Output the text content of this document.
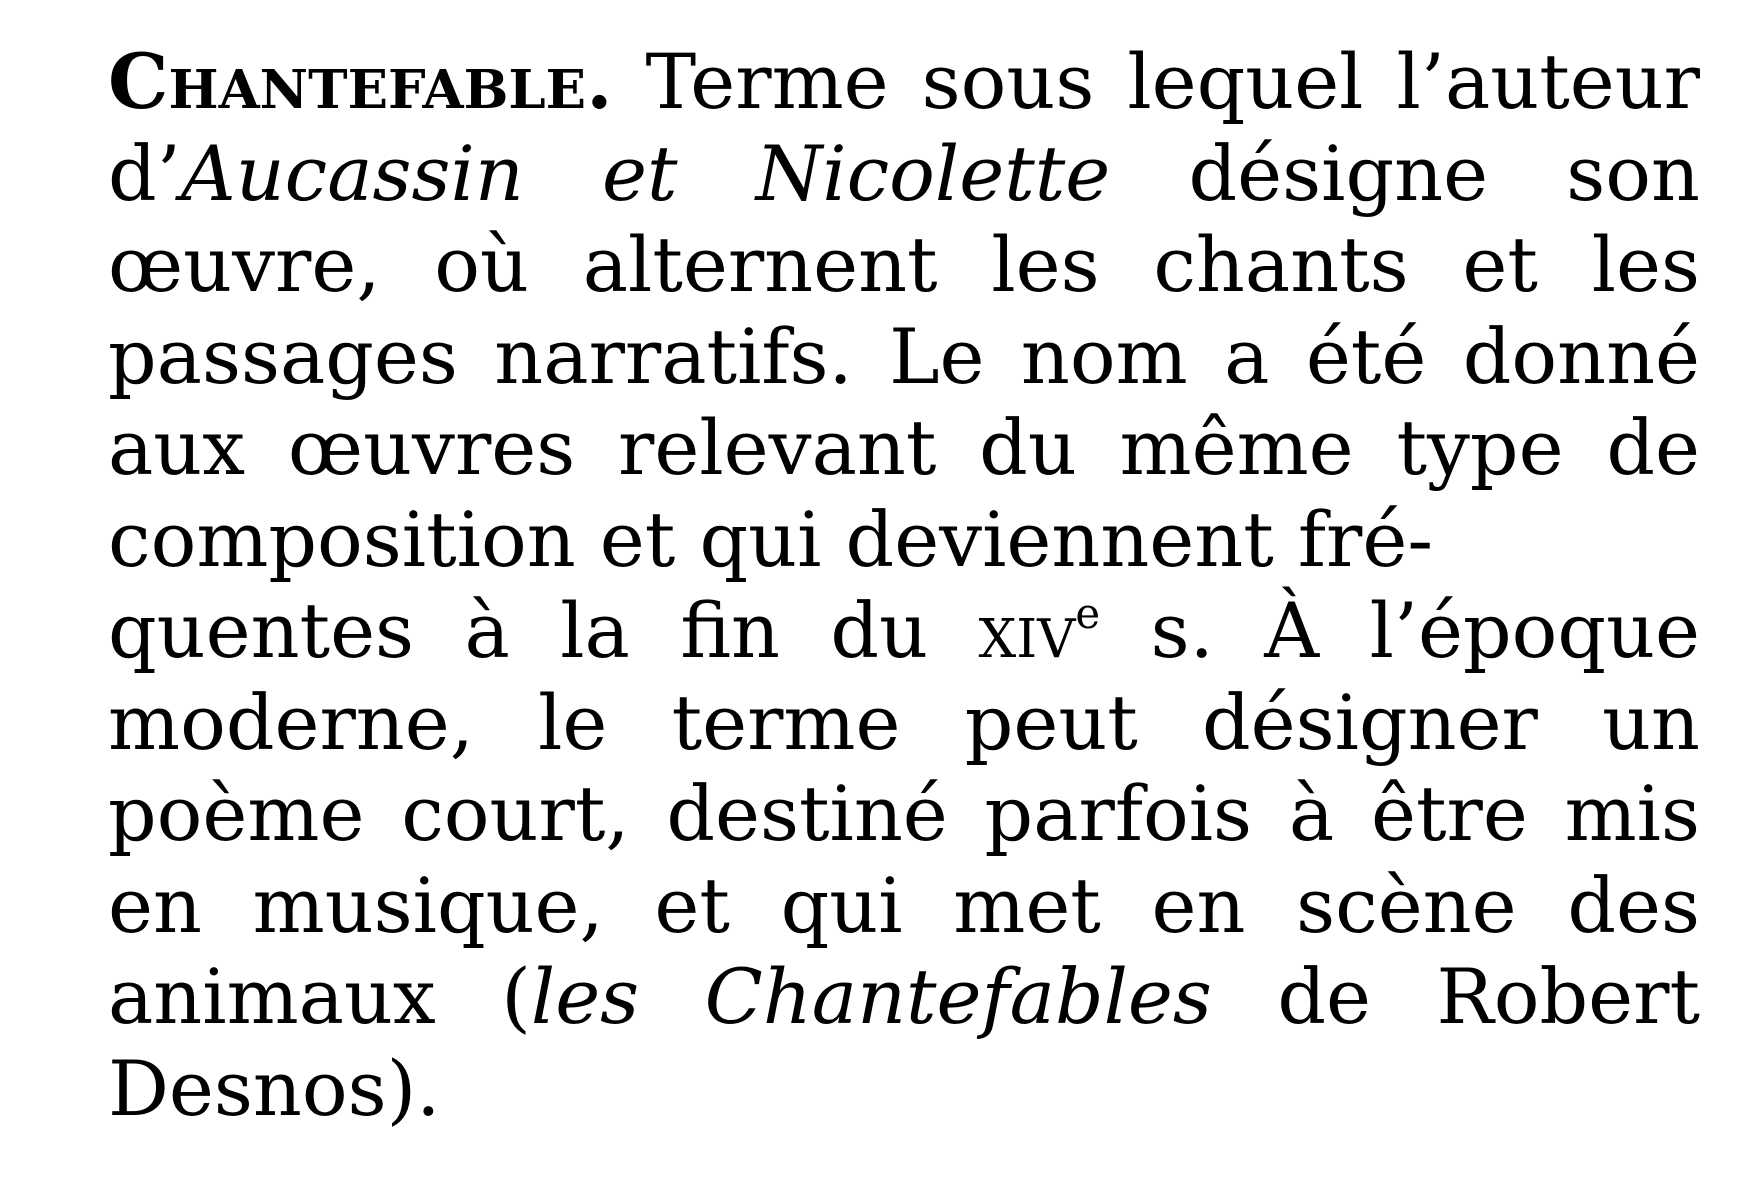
Chantefable. Terme sous lequel l’auteur d’Aucassin et Nicolette désigne son œuvre, où alternent les chants et les passages narratifs. Le nom a été donné aux œuvres relevant du même type de composition et qui deviennent fré-
quentes à la fin du xiv$^e$ s. À l’époque moderne, le terme peut désigner un poème court, destiné parfois à être mis en musique, et qui met en scène des animaux (les Chantefables de Robert Desnos).
